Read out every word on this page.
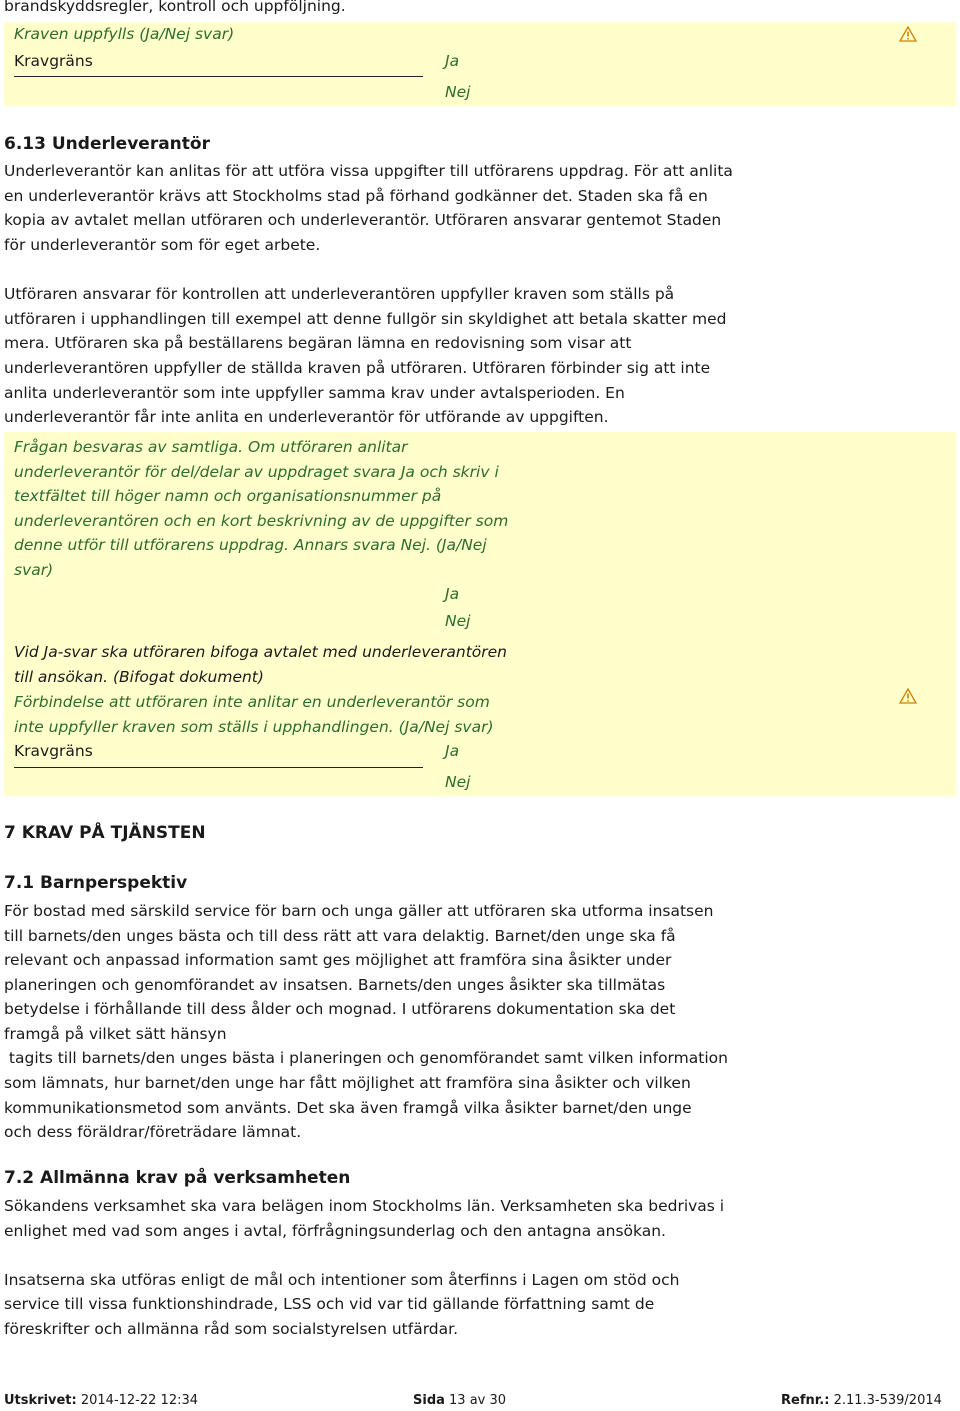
brandskyddsregler, kontroll och uppföljning.
Kraven uppfylls (Ja/Nej svar)
Kravgräns	Ja
Nej
6.13 Underleverantör
Underleverantör kan anlitas för att utföra vissa uppgifter till utförarens uppdrag. För att anlita
en underleverantör krävs att Stockholms stad på förhand godkänner det. Staden ska få en
kopia av avtalet mellan utföraren och underleverantör. Utföraren ansvarar gentemot Staden
för underleverantör som för eget arbete.
Utföraren ansvarar för kontrollen att underleverantören uppfyller kraven som ställs på
utföraren i upphandlingen till exempel att denne fullgör sin skyldighet att betala skatter med
mera. Utföraren ska på beställarens begäran lämna en redovisning som visar att
underleverantören uppfyller de ställda kraven på utföraren. Utföraren förbinder sig att inte
anlita underleverantör som inte uppfyller samma krav under avtalsperioden. En
underleverantör får inte anlita en underleverantör för utförande av uppgiften.
Frågan besvaras av samtliga. Om utföraren anlitar
underleverantör för del/delar av uppdraget svara Ja och skriv i
textfältet till höger namn och organisationsnummer på
underleverantören och en kort beskrivning av de uppgifter som
denne utför till utförarens uppdrag. Annars svara Nej. (Ja/Nej
svar)
Ja
Nej
Vid Ja-svar ska utföraren bifoga avtalet med underleverantören
till ansökan. (Bifogat dokument)
Förbindelse att utföraren inte anlitar en underleverantör som
inte uppfyller kraven som ställs i upphandlingen. (Ja/Nej svar)
Kravgräns	Ja
Nej
7 KRAV PÅ TJÄNSTEN
7.1 Barnperspektiv
För bostad med särskild service för barn och unga gäller att utföraren ska utforma insatsen
till barnets/den unges bästa och till dess rätt att vara delaktig. Barnet/den unge ska få
relevant och anpassad information samt ges möjlighet att framföra sina åsikter under
planeringen och genomförandet av insatsen. Barnets/den unges åsikter ska tillmätas
betydelse i förhållande till dess ålder och mognad. I utförarens dokumentation ska det
framgå på vilket sätt hänsyn
tagits till barnets/den unges bästa i planeringen och genomförandet samt vilken information
som lämnats, hur barnet/den unge har fått möjlighet att framföra sina åsikter och vilken
kommunikationsmetod som använts. Det ska även framgå vilka åsikter barnet/den unge
och dess föräldrar/företrädare lämnat.
7.2 Allmänna krav på verksamheten
Sökandens verksamhet ska vara belägen inom Stockholms län. Verksamheten ska bedrivas i
enlighet med vad som anges i avtal, förfrågningsunderlag och den antagna ansökan.
Insatserna ska utföras enligt de mål och intentioner som återfinns i Lagen om stöd och
service till vissa funktionshindrade, LSS och vid var tid gällande författning samt de
föreskrifter och allmänna råd som socialstyrelsen utfärdar.
Utskrivet: 2014-12-22 12:34	Sida 13 av 30	Refnr.: 2.11.3-539/2014
